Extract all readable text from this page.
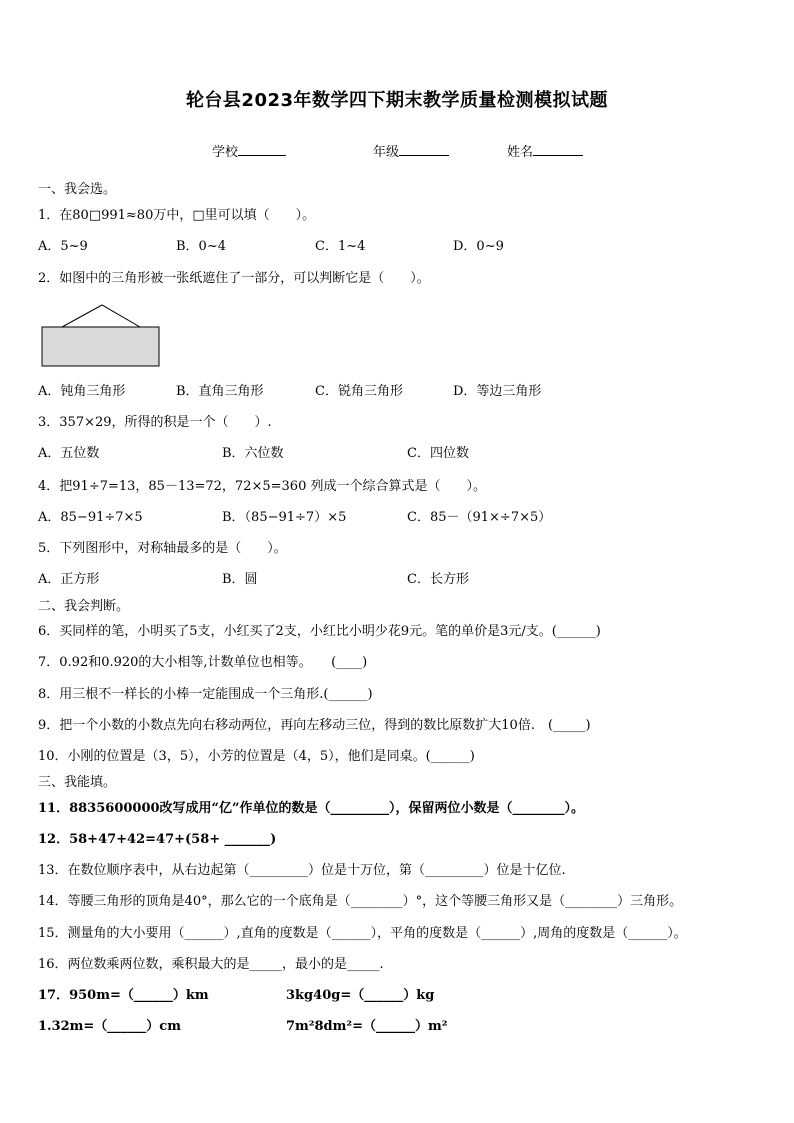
轮台县2023年数学四下期末教学质量检测模拟试题
学校	年级	姓名
一、我会选。
1．在80□991≈80万中，□里可以填（　　）。
A．5~9	B．0~4	C．1~4	D．0~9
2．如图中的三角形被一张纸遮住了一部分，可以判断它是（　　）。
A．钝角三角形	B．直角三角形	C．锐角三角形	D．等边三角形
3．357×29，所得的积是一个（　　）.
A．五位数	B．六位数	C．四位数
4．把91÷7=13，85－13=72，72×5=360 列成一个综合算式是（　　）。
A．85−91÷7×5	B．（85−91÷7）×5	C．85－（91×÷7×5）
5．下列图形中，对称轴最多的是（　　）。
A．正方形	B．圆	C．长方形
二、我会判断。
6．买同样的笔，小明买了5支，小红买了2支，小红比小明少花9元。笔的单价是3元/支。(______)
7．0.92和0.920的大小相等,计数单位也相等。　　(____)
8．用三根不一样长的小棒一定能围成一个三角形.(______)
9．把一个小数的小数点先向右移动两位，再向左移动三位，得到的数比原数扩大10倍.　(_____)
10．小刚的位置是（3，5），小芳的位置是（4，5），他们是同桌。(______)
三、我能填。
11．8835600000改写成用“亿”作单位的数是（_________），保留两位小数是（________）。
12．58+47+42=47+(58+ _______)
13．在数位顺序表中，从右边起第（_________）位是十万位，第（_________）位是十亿位.
14．等腰三角形的顶角是40°，那么它的一个底角是（________）°，这个等腰三角形又是（________）三角形。
15．测量角的大小要用（______）,直角的度数是（______），平角的度数是（______）,周角的度数是（______）。
16．两位数乘两位数，乘积最大的是_____，最小的是_____.
17．950m=（______）km	3kg40g=（______）kg
1.32m=（______）cm	7m²8dm²=（______）m²
